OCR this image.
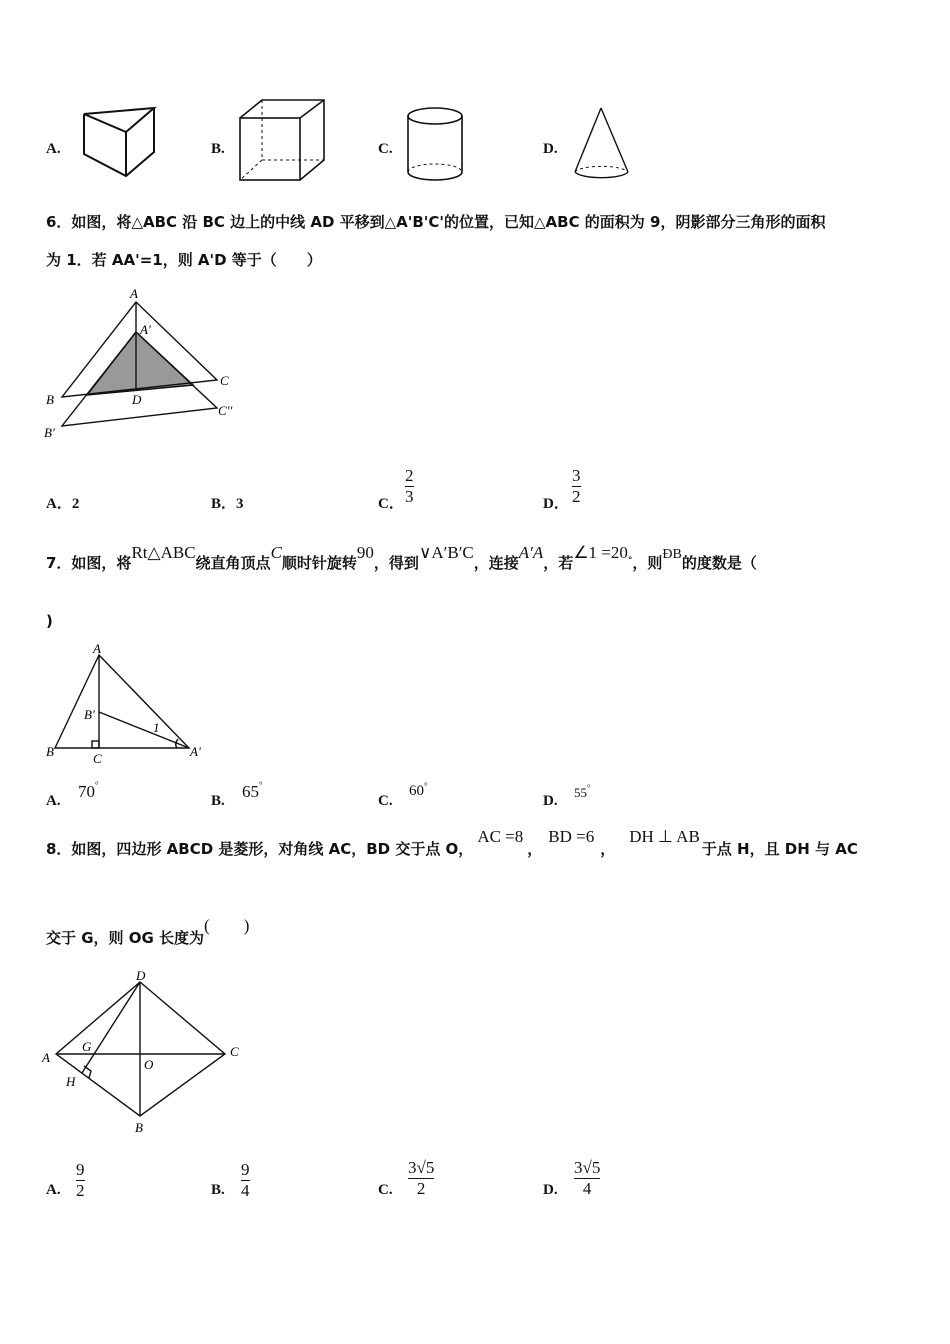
A.	B.	C.	D.
6．如图，将△ABC 沿 BC 边上的中线 AD 平移到△A'B'C'的位置，已知△ABC 的面积为 9，阴影部分三角形的面积
为 1．若 AA'=1，则 A'D 等于（　　）
A
A'
B
B'
C
C''
D
A．2	B．3	C．
2
3	D．
3
2
7．如图，将Rt△ABC绕直角顶点C顺时针旋转90，得到∨A′B′C，连接A′A，若∠1 =20°，则ÐB的度数是（
)
A
B'
B	C	A'
1
A. 70°
B. 65°
C.
60°
D.
55°
8．如图，四边形 ABCD 是菱形，对角线 AC，BD 交于点 O，AC =8，BD =6，DH ⊥ AB于点 H，且 DH 与 AC
交于 G，则 OG 长度为(　　)
D
A	C
B
G
O
H
A.
9
2	B.
9
4	C.
3√5
2	D.
3√5
4
